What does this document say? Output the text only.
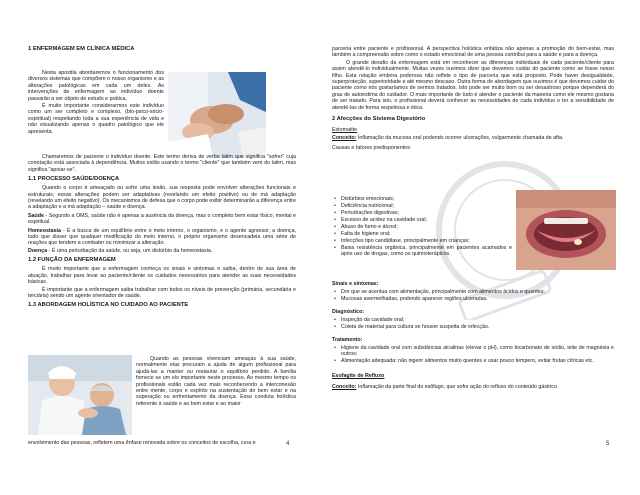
1 ENFERMAGEM EM CLÍNICA MÉDICA

Nesta apostila abordaremos o funcionamento dos diversos sistemas que compõem o nosso organismo e as alterações patológicas em cada um deles. As intervenções de enfermagem ao indivíduo doente passarão a ser objeto de estudo e prática.

É muito importante considerarmos este indivíduo como um ser completo e complexo, (bio-psico-sócio-espiritual) respeitando toda a sua experiência de vida e não visualizando apenas o quadro patológico que ele apresenta.

Chamaremos de paciente o indivíduo doente. Este termo deriva de verbo latim que significa "sofrer" cuja conotação está associada à dependência. Muitos estão usando o termo "cliente" que também vem do latim, mas significa "apoiar-se".

1.1 PROCESSO SAÚDE/DOENÇA

Quando o corpo é ameaçado ou sofre uma lesão, sua resposta pode envolver alterações funcionais e estruturais; essas alterações podem ser adaptativas (revelando um efeito positivo) ou de má adaptação (revelando um efeito negativo). Os mecanismos de defesa que o corpo pode exibir determinarão a diferença entre a adaptação e a má adaptação – saúde e doença.

Saúde - Segundo a OMS, saúde não é apenas a ausência da doença, mas o completo bem estar físico, mental e espiritual.

Homeostasia - É a busca de um equilíbrio entre o meio interno, o organismo, e o agente agressor, a doença, tudo que disser que qualquer modificação do meio interno, o próprio organismo desencadeia uma série de reações que tendem a combater ou minimizar a alteração.

Doença - É uma perturbação da saúde, ou seja, um distúrbio da homeostasia.

1.2 FUNÇÃO DA ENFERMAGEM

É muito importante que a enfermagem conheça os sinais e sintomas e saiba, dentro de sua área de atuação, trabalhar para levar ao paciente/cliente os cuidados necessários para atender as suas necessidades básicas.

É importante que a enfermagem saiba trabalhar com todos os níveis de prevenção (primária, secundária e terciária) sendo um agente orientador de saúde.

1.3 ABORDAGEM HOLÍSTICA NO CUIDADO AO PACIENTE

Quando as pessoas vivenciam ameaças à sua saúde, normalmente elas procuram a ajuda de algum profissional para ajudá-las a manter ou restaurar o equilíbrio perdido. A família fornece se um elo importante neste processo. Ao mesmo tempo os profissionais estão cada vez mais reconhecendo a interconexão entre mente, corpo e espírito na sustentação do bem estar e na superação ou enfrentamento da doença. Essa conduta holística referente à saúde e ao bem estar e ao maior

envolvimento das pessoas, refletem uma ênfase renovada sobre os conceitos de escolha, cura e	4

parceria entre paciente e profissional. A perspectiva holística enfatiza não apenas a promoção do bem-estar, mas também a compreensão sobre como o estado emocional de uma pessoa contribui para a saúde e para a doença.

O grande desafio da enfermagem está em reconhecer as diferenças individuais de cada paciente/cliente para assim atendê-lo individualmente. Muitas vezes ouvimos dizer que devemos cuidar do paciente como se fosse nosso filho. Esta relação embora poderosa não reflete o tipo de parceria que está proposto. Pode haver desigualdade, superproteção, superioridade e até mesmo descaso. Outra forma de abordagem que ouvimos é que devemos cuidar do paciente como nós gostaríamos de sermos tratados. Isto pode ser muito bom ou ser desastroso porque dependerá do grau de autoestima do cuidador. O mais importante de tudo é atender o paciente da maneira como ele mesmo gostaria de ser tratado. Para isto, o profissional deverá conhecer as necessidades de cada indivíduo e ter a sensibilidade de atendê-las de forma respeitosa e ética.

2 Afecções do Sistema Digestório
Estomatite

Conceito: Inflamação da mucosa oral podendo ocorrer ulcerações, vulgarmente chamada de afta.

Causas e fatores predisponentes:

• Distúrbios emocionais;
• Deficiência nutricional;
• Perturbações digestivas;
• Excesso de acidez na cavidade oral;
• Abuso de fumo e álcool;
• Falta de higiene oral;
• Infecções tipo candidíase, principalmente em crianças;
• Baixa resistência orgânica, principalmente em pacientes acamados e após uso de drogas, como os quimioterápicos.
Sinais e sintomas:
• Dor que se acentua com alimentação, principalmente com alimentos ácidos e quentes;
• Mucosas avermelhadas, podendo aparecer regiões ulceradas.
Diagnóstico:
• Inspeção da cavidade oral;
• Coleta de material para cultura se houver suspeita de infecção.
Tratamento:
• Higiene da cavidade oral com substâncias alcalinas (elevar o pH), como bicarbonato de sódio, leite de magnésia e outros;
• Alimentação adequada: não ingerir alimentos muito quentes e usar pouco tempero, evitar frutas cítricas etc.
Esofagite de Refluxo

Conceito: Inflamação da parte final do esôfago, que sofre ação do refluxo do conteúdo gástrico.

5
